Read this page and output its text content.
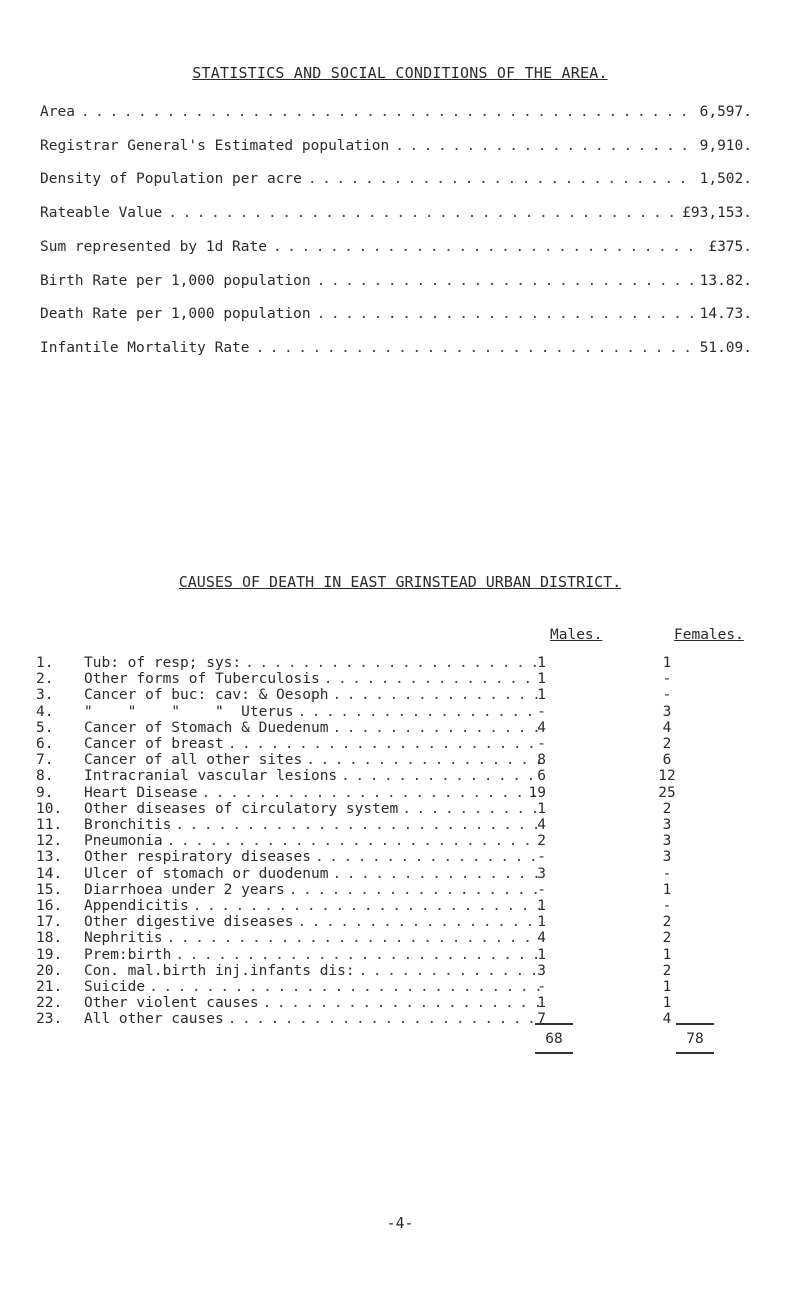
STATISTICS AND SOCIAL CONDITIONS OF THE AREA.
Area . . .	6,597.
Registrar General's Estimated population . . .	9,910.
Density of Population per acre . . .	1,502.
Rateable Value . . .	£93,153.
Sum represented by 1d Rate . . .	£375.
Birth Rate per 1,000 population . . .	13.82.
Death Rate per 1,000 population . . .	14.73.
Infantile Mortality Rate . . .	51.09.
CAUSES OF DEATH IN EAST GRINSTEAD URBAN DISTRICT.
Males.	Females.
1.	Tub: of resp; sys: . . .	1	1
2.	Other forms of Tuberculosis . . .	1	-
3.	Cancer of buc: cav: & Oesoph . . .	1	-
4.	"    "    "    "  Uterus . . .	-	3
5.	Cancer of Stomach & Duedenum . . .	4	4
6.	Cancer of breast . . .	-	2
7.	Cancer of all other sites . . .	8	6
8.	Intracranial vascular lesions . . .	6	12
9.	Heart Disease . . .	19	25
10.	Other diseases of circulatory system . . .	1	2
11.	Bronchitis . . .	4	3
12.	Pneumonia . . .	2	3
13.	Other respiratory diseases . . .	-	3
14.	Ulcer of stomach or duodenum . . .	3	-
15.	Diarrhoea under 2 years . . .	-	1
16.	Appendicitis . . .	1	-
17.	Other digestive diseases . . .	1	2
18.	Nephritis . . .	4	2
19.	Prem:birth . . .	1	1
20.	Con. mal.birth inj.infants dis: . . .	3	2
21.	Suicide . . .	-	1
22.	Other violent causes . . .	1	1
23.	All other causes . . .	7	4
68	78
-4-
